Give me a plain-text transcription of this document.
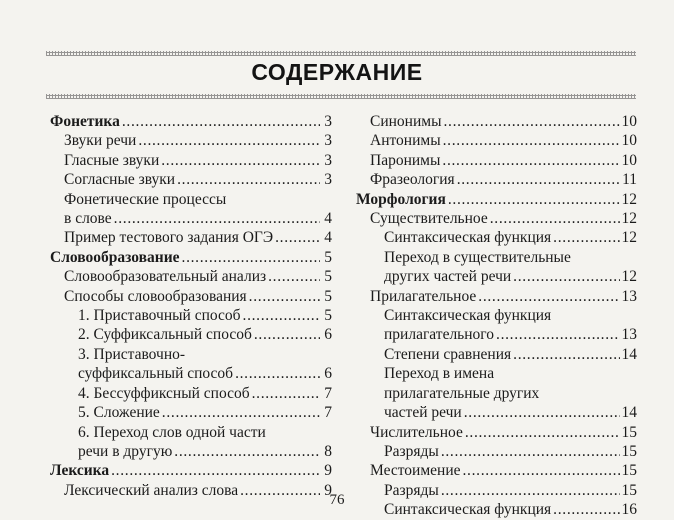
СОДЕРЖАНИЕ
Фонетика . . .	3
Звуки речи . . .	3
Гласные звуки . . .	3
Согласные звуки . . .	3
Фонетические процессы
в слове . . .	4
Пример тестового задания ОГЭ . . .	4
Словообразование . . .	5
Словообразовательный анализ . . .	5
Способы словообразования . . .	5
1. Приставочный способ . . .	5
2. Суффиксальный способ . . .	6
3. Приставочно-
суффиксальный способ . . .	6
4. Бессуффиксный способ . . .	7
5. Сложение . . .	7
6. Переход слов одной части
речи в другую . . .	8
Лексика . . .	9
Лексический анализ слова . . .	9
Синонимы . . .	10
Антонимы . . .	10
Паронимы . . .	10
Фразеология . . .	11
Морфология . . .	12
Существительное . . .	12
Синтаксическая функция . . .	12
Переход в существительные
других частей речи . . .	12
Прилагательное . . .	13
Синтаксическая функция
прилагательного . . .	13
Степени сравнения . . .	14
Переход в имена
прилагательные других
частей речи . . .	14
Числительное . . .	15
Разряды . . .	15
Местоимение . . .	15
Разряды . . .	15
Синтаксическая функция . . .	16
76
